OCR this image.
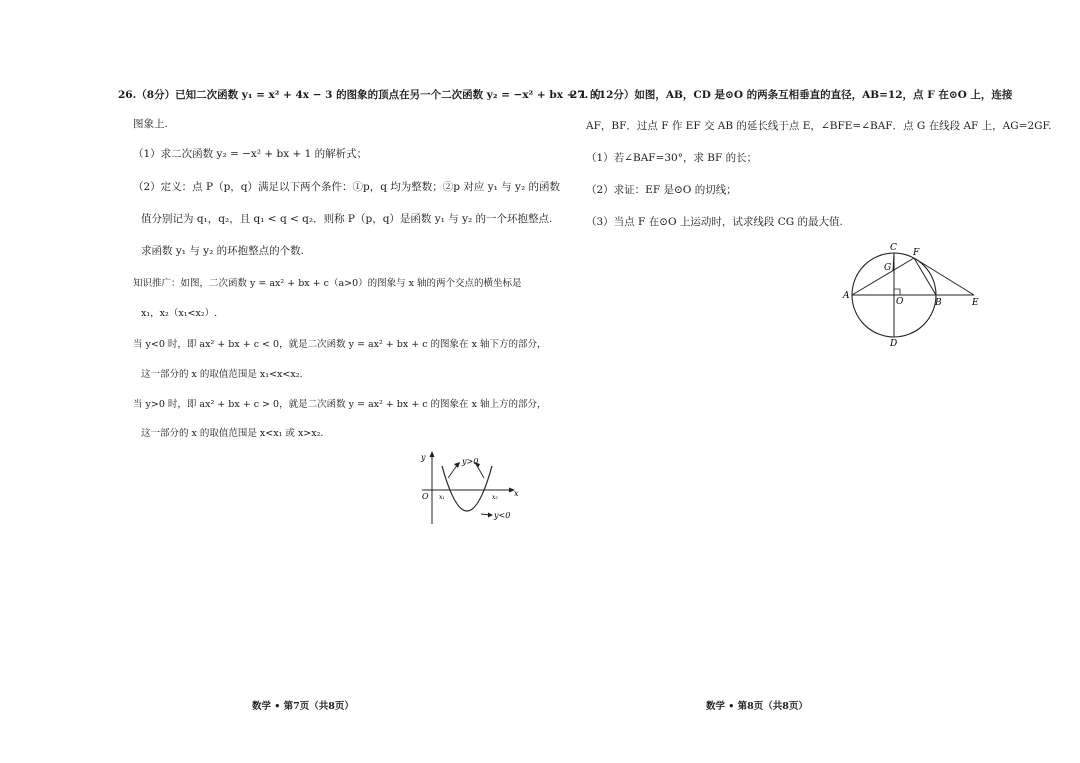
26.（8分）已知二次函数 y₁ = x² + 4x − 3 的图象的顶点在另一个二次函数 y₂ = −x² + bx + 1 的
图象上.
（1）求二次函数 y₂ = −x² + bx + 1 的解析式；
（2）定义：点 P（p，q）满足以下两个条件：①p，q 均为整数；②p 对应 y₁ 与 y₂ 的函数
值分别记为 q₁，q₂，且 q₁ < q < q₂．则称 P（p，q）是函数 y₁ 与 y₂ 的一个环抱整点.
求函数 y₁ 与 y₂ 的环抱整点的个数.
知识推广：如图，二次函数 y = ax² + bx + c（a>0）的图象与 x 轴的两个交点的横坐标是
x₁，x₂（x₁<x₂）.
当 y<0 时，即 ax² + bx + c < 0，就是二次函数 y = ax² + bx + c 的图象在 x 轴下方的部分，
这一部分的 x 的取值范围是 x₁<x<x₂.
当 y>0 时，即 ax² + bx + c > 0，就是二次函数 y = ax² + bx + c 的图象在 x 轴上方的部分，
这一部分的 x 的取值范围是 x<x₁ 或 x>x₂.
y
x
O x₁	x₂
y>0
y<0
数学 • 第7页（共8页）
27.（12分）如图，AB，CD 是⊙O 的两条互相垂直的直径，AB=12，点 F 在⊙O 上，连接
AF，BF．过点 F 作 EF 交 AB 的延长线于点 E，∠BFE=∠BAF．点 G 在线段 AF 上，AG=2GF.
（1）若∠BAF=30°，求 BF 的长；
（2）求证：EF 是⊙O 的切线；
（3）当点 F 在⊙O 上运动时，试求线段 CG 的最大值.
A
B
C
D
E
F
G
O
数学 • 第8页（共8页）
